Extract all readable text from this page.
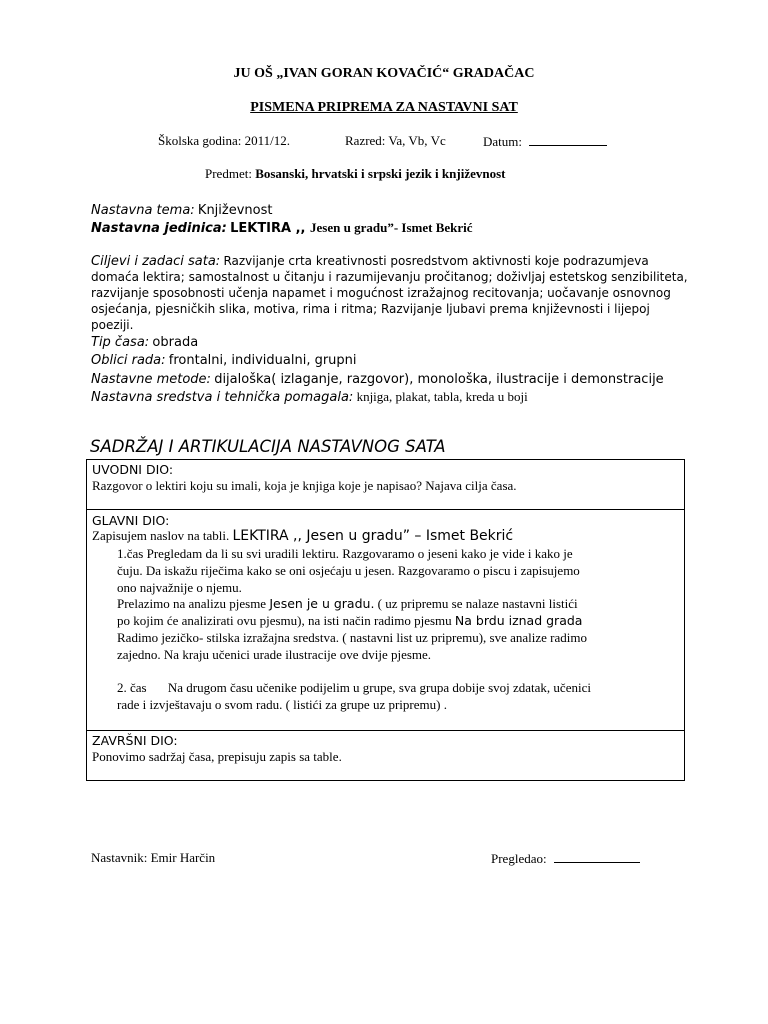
JU OŠ „IVAN GORAN KOVAČIĆ“ GRADAČAC
PISMENA PRIPREMA ZA NASTAVNI SAT
Školska godina: 2011/12.	Razred: Va, Vb, Vc	Datum:
Predmet: Bosanski, hrvatski i srpski jezik i književnost
Nastavna tema: Književnost
Nastavna jedinica: LEKTIRA ,, Jesen u gradu”- Ismet Bekrić
Ciljevi i zadaci sata: Razvijanje crta kreativnosti posredstvom aktivnosti koje podrazumjeva
domaća lektira; samostalnost u čitanju i razumijevanju pročitanog; doživljaj estetskog senzibiliteta,
razvijanje sposobnosti učenja napamet i mogućnost izražajnog recitovanja; uočavanje osnovnog
osjećanja, pjesničkih slika, motiva, rima i ritma; Razvijanje ljubavi prema književnosti i lijepoj
poeziji.
Tip časa: obrada
Oblici rada: frontalni, individualni, grupni
Nastavne metode: dijaloška( izlaganje, razgovor), monološka, ilustracije i demonstracije
Nastavna sredstva i tehnička pomagala: knjiga, plakat, tabla, kreda u boji
SADRŽAJ I ARTIKULACIJA NASTAVNOG SATA
UVODNI DIO:
Razgovor o lektiri koju su imali, koja je knjiga koje je napisao? Najava cilja časa.
GLAVNI DIO:
Zapisujem naslov na tabli. LEKTIRA ,, Jesen u gradu” – Ismet Bekrić
1.čas Pregledam da li su svi uradili lektiru. Razgovaramo o jeseni kako je vide i kako je
čuju. Da iskažu riječima kako se oni osjećaju u jesen. Razgovaramo o piscu i zapisujemo
ono najvažnije o njemu.
Prelazimo na analizu pjesme Jesen je u gradu. ( uz pripremu se nalaze nastavni listići
po kojim će analizirati ovu pjesmu), na isti način radimo pjesmu Na brdu iznad grada
Radimo jezičko- stilska izražajna sredstva. ( nastavni list uz pripremu), sve analize radimo
zajedno. Na kraju učenici urade ilustracije ove dvije pjesme.
2. čas Na drugom času učenike podijelim u grupe, sva grupa dobije svoj zdatak, učenici
rade i izvještavaju o svom radu. ( listići za grupe uz pripremu) .
ZAVRŠNI DIO:
Ponovimo sadržaj časa, prepisuju zapis sa table.
Nastavnik: Emir Harčin	Pregledao:
